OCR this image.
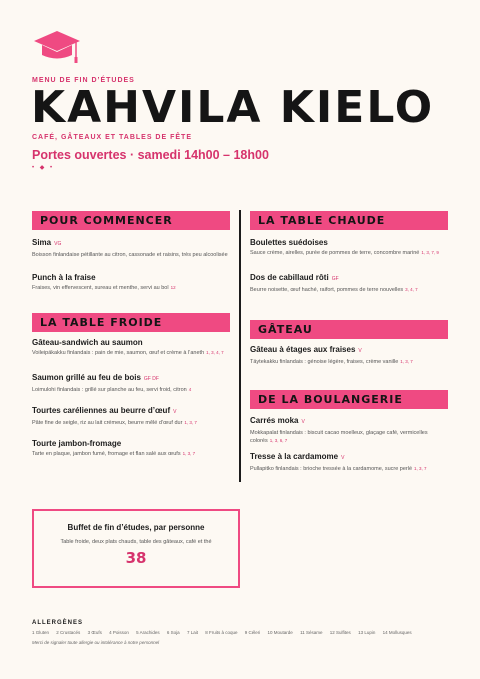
MENU DE FIN D’ÉTUDES
KAHVILA KIELO
CAFÉ, GÂTEAUX ET TABLES DE FÊTE
Portes ouvertes · samedi 14h00 – 18h00
• ◆ •
POUR COMMENCER
Sima VG
Boisson finlandaise pétillante au citron, cassonade et raisins, très peu alcoolisée
Punch à la fraise
Fraises, vin effervescent, sureau et menthe, servi au bol 12
LA TABLE FROIDE
Gâteau-sandwich au saumon
Voileipäkakku finlandais : pain de mie, saumon, œuf et crème à l’aneth 1, 3, 4, 7
Saumon grillé au feu de bois GF DF
Loimulohi finlandais : grillé sur planche au feu, servi froid, citron 4
Tourtes caréliennes au beurre d’œuf V
Pâte fine de seigle, riz au lait crémeux, beurre mêlé d’œuf dur 1, 3, 7
Tourte jambon-fromage
Tarte en plaque, jambon fumé, fromage et flan salé aux œufs 1, 3, 7
LA TABLE CHAUDE
Boulettes suédoises
Sauce crème, airelles, purée de pommes de terre, concombre mariné 1, 3, 7, 9
Dos de cabillaud rôti GF
Beurre noisette, œuf haché, raifort, pommes de terre nouvelles 3, 4, 7
GÂTEAU
Gâteau à étages aux fraises V
Täytekakku finlandais : génoise légère, fraises, crème vanille 1, 3, 7
DE LA BOULANGERIE
Carrés moka V
Mokkapalat finlandais : biscuit cacao moelleux, glaçage café, vermicelles colorés 1, 3, 6, 7
Tresse à la cardamome V
Pullapitko finlandais : brioche tressée à la cardamome, sucre perlé 1, 3, 7
Buffet de fin d’études, par personne
Table froide, deux plats chauds, table des gâteaux, café et thé
38
ALLERGÈNES
1 Gluten 2 Crustacés 3 Œufs 4 Poisson 5 Arachides 6 Soja 7 Lait 8 Fruits à coque 9 Céleri 10 Moutarde 11 Sésame 12 Sulfites 13 Lupin 14 Mollusques
Merci de signaler toute allergie ou intolérance à notre personnel
